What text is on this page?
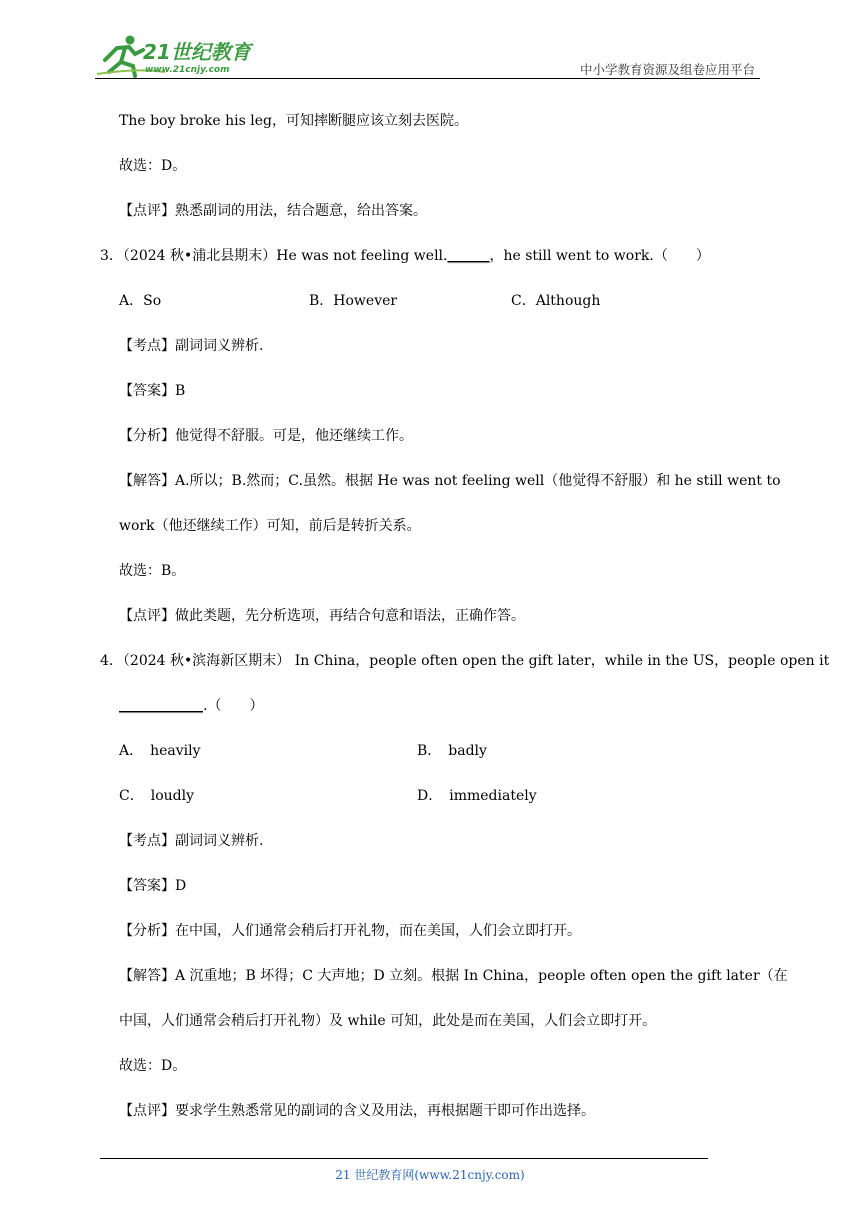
21世纪教育
www.21cnjy.com	中小学教育资源及组卷应用平台
The boy broke his leg，可知摔断腿应该立刻去医院。
故选：D。
【点评】熟悉副词的用法，结合题意，给出答案。
3．（2024 秋•浦北县期末）He was not feeling well.______，he still went to work.（　　）
A．So	B．However	C．Although
【考点】副词词义辨析.
【答案】B
【分析】他觉得不舒服。可是，他还继续工作。
【解答】A.所以；B.然而；C.虽然。根据 He was not feeling well（他觉得不舒服）和 he still went to
work（他还继续工作）可知，前后是转折关系。
故选：B。
【点评】做此类题，先分析选项，再结合句意和语法，正确作答。
4．（2024 秋•滨海新区期末） In China，people often open the gift later，while in the US，people open it
____________.（　　）
A．　heavily	B．　badly
C．　loudly	D．　immediately
【考点】副词词义辨析.
【答案】D
【分析】在中国，人们通常会稍后打开礼物，而在美国，人们会立即打开。
【解答】A 沉重地；B 坏得；C 大声地；D 立刻。根据 In China，people often open the gift later（在
中国，人们通常会稍后打开礼物）及 while 可知，此处是而在美国，人们会立即打开。
故选：D。
【点评】要求学生熟悉常见的副词的含义及用法，再根据题干即可作出选择。
21 世纪教育网(www.21cnjy.com)
